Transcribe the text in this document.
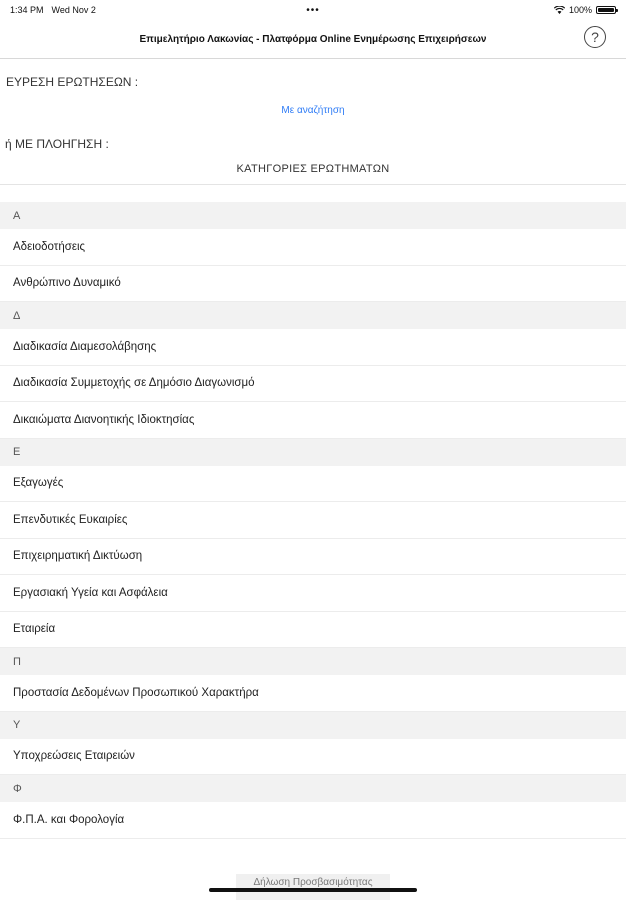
1:34 PM Wed Nov 2	•••	100%
Επιμελητήριο Λακωνίας - Πλατφόρμα Online Ενημέρωσης Επιχειρήσεων	?
ΕΥΡΕΣΗ ΕΡΩΤΗΣΕΩΝ :
Με αναζήτηση
ή ΜΕ ΠΛΟΗΓΗΣΗ :
ΚΑΤΗΓΟΡΙΕΣ ΕΡΩΤΗΜΑΤΩΝ
Α
Αδειοδοτήσεις
Ανθρώπινο Δυναμικό
Δ
Διαδικασία Διαμεσολάβησης
Διαδικασία Συμμετοχής σε Δημόσιο Διαγωνισμό
Δικαιώματα Διανοητικής Ιδιοκτησίας
Ε
Εξαγωγές
Επενδυτικές Ευκαιρίες
Επιχειρηματική Δικτύωση
Εργασιακή Υγεία και Ασφάλεια
Εταιρεία
Π
Προστασία Δεδομένων Προσωπικού Χαρακτήρα
Υ
Υποχρεώσεις Εταιρειών
Φ
Φ.Π.Α. και Φορολογία
Δήλωση Προσβασιμότητας
